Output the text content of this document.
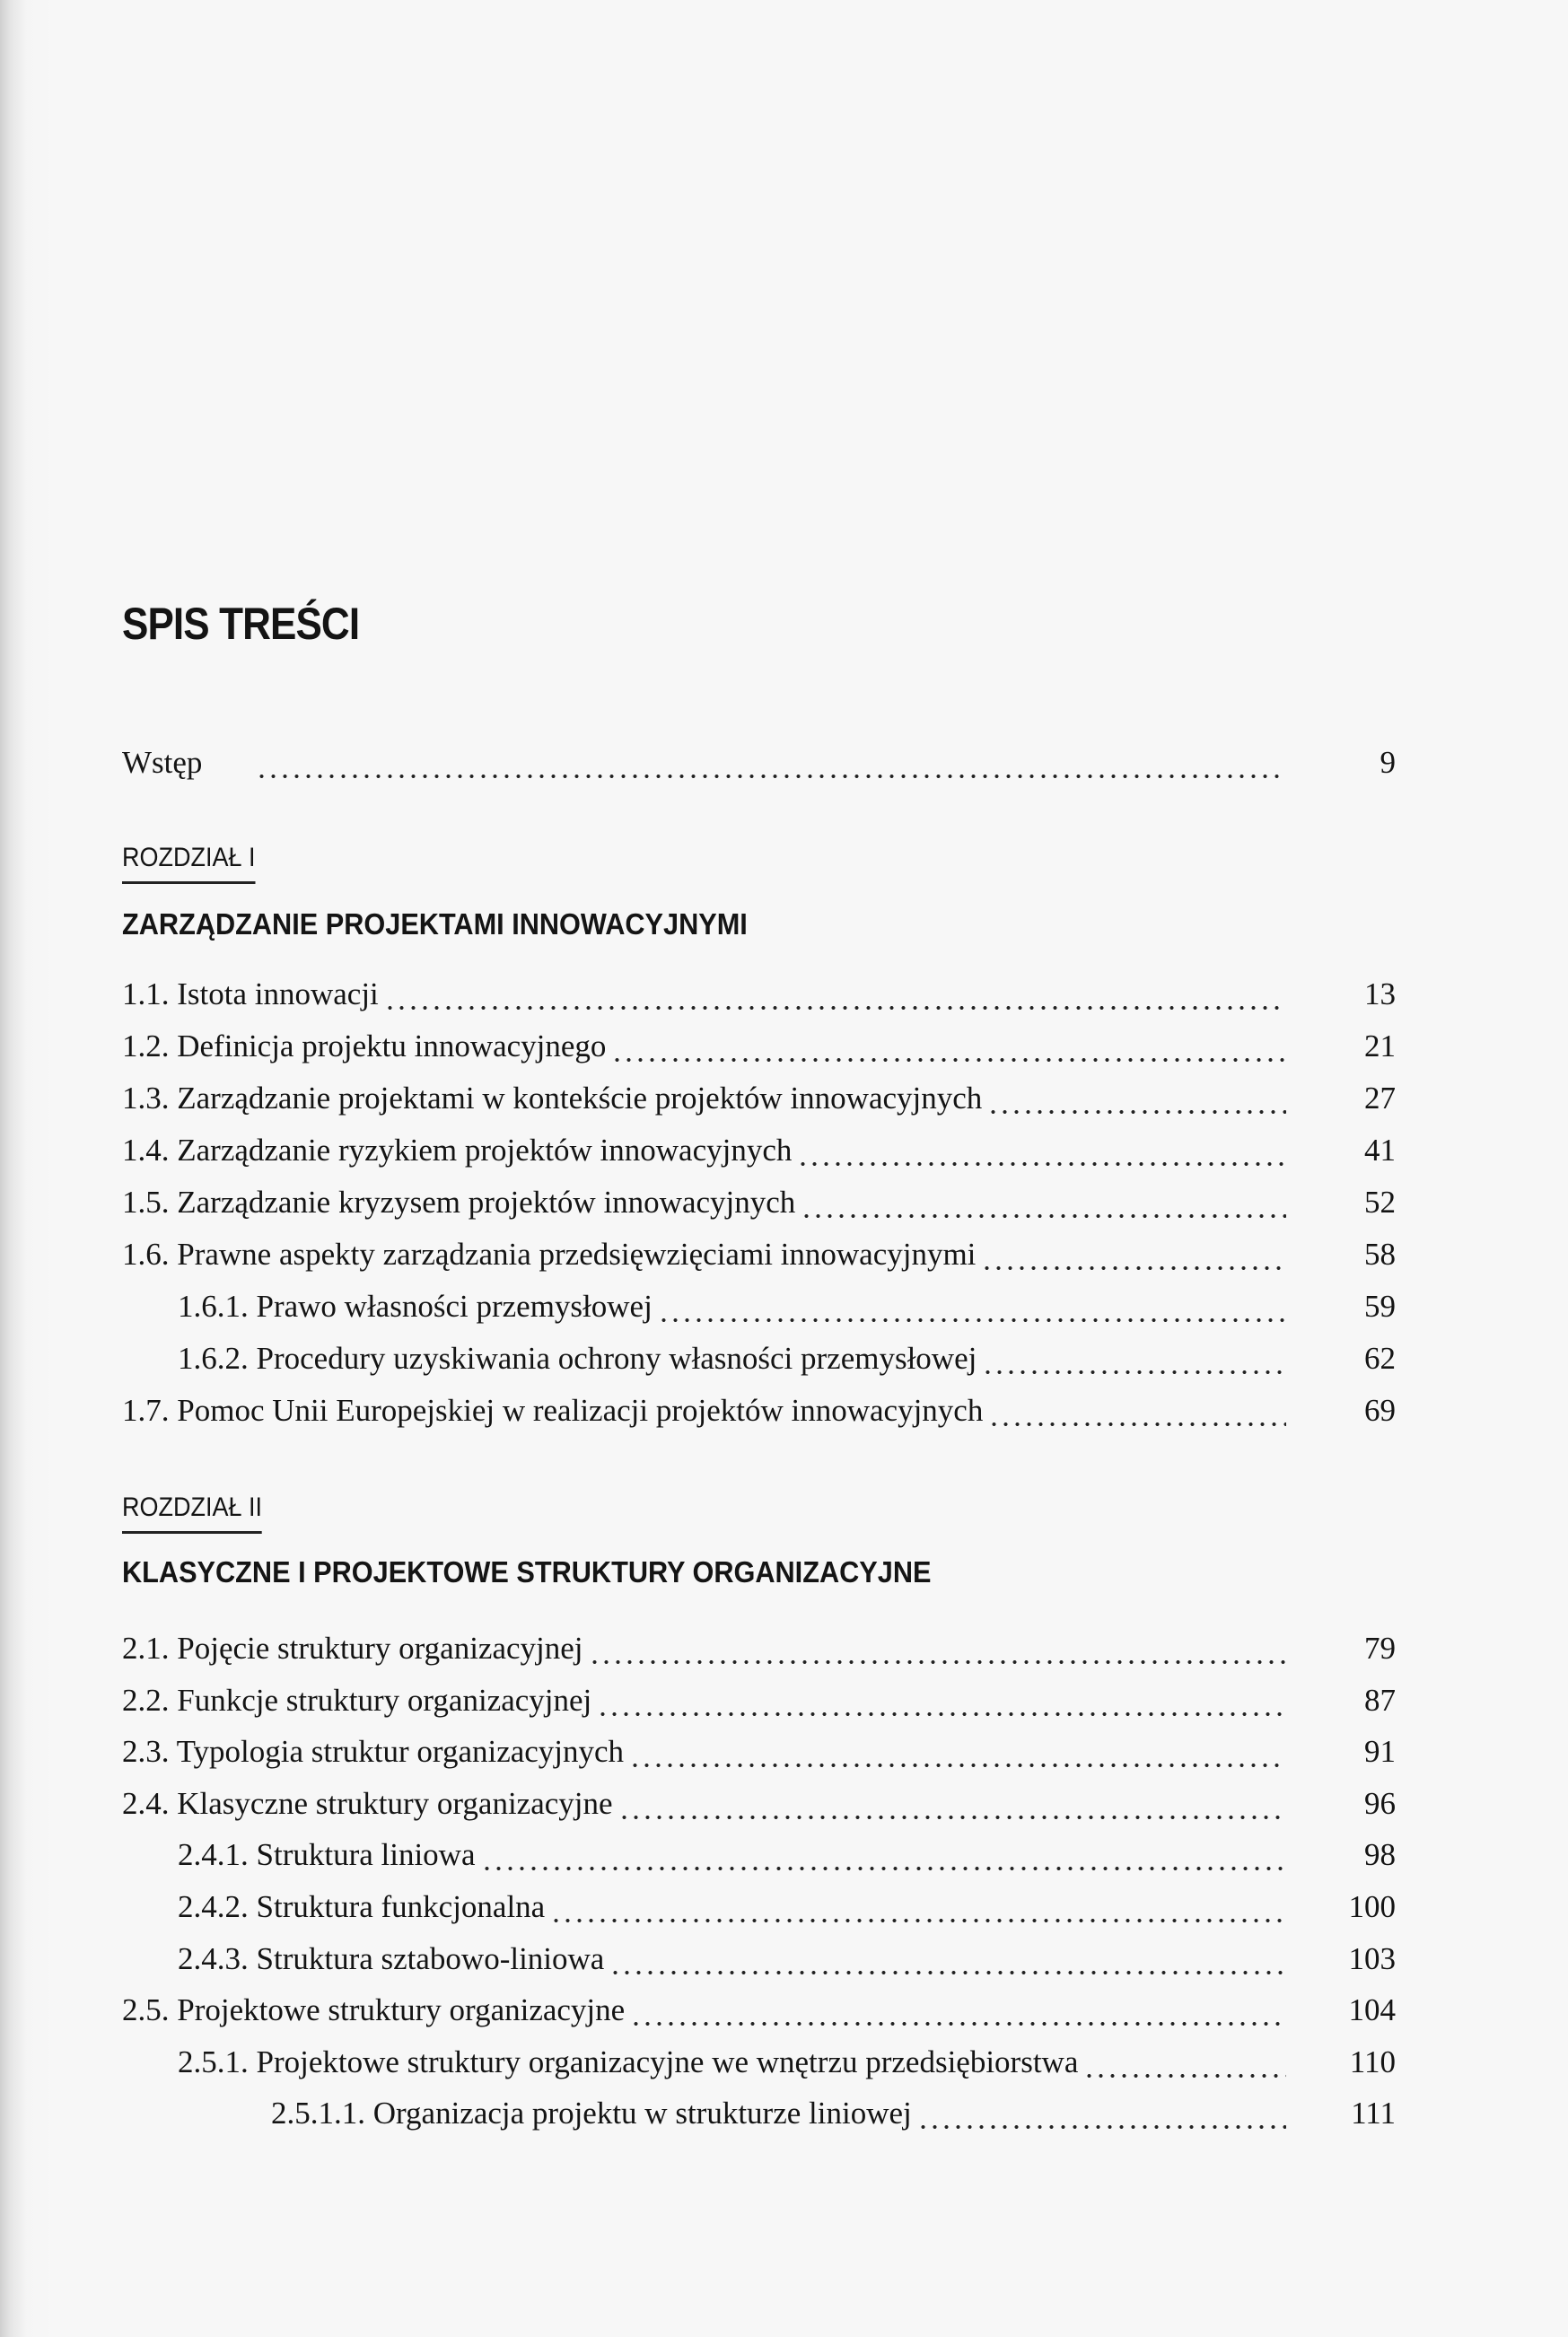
SPIS TREŚCI
Wstęp	9
ROZDZIAŁ I
ZARZĄDZANIE PROJEKTAMI INNOWACYJNYMI
1.1. Istota innowacji	13
1.2. Definicja projektu innowacyjnego	21
1.3. Zarządzanie projektami w kontekście projektów innowacyjnych	27
1.4. Zarządzanie ryzykiem projektów innowacyjnych	41
1.5. Zarządzanie kryzysem projektów innowacyjnych	52
1.6. Prawne aspekty zarządzania przedsięwzięciami innowacyjnymi	58
1.6.1. Prawo własności przemysłowej	59
1.6.2. Procedury uzyskiwania ochrony własności przemysłowej	62
1.7. Pomoc Unii Europejskiej w realizacji projektów innowacyjnych	69
ROZDZIAŁ II
KLASYCZNE I PROJEKTOWE STRUKTURY ORGANIZACYJNE
2.1. Pojęcie struktury organizacyjnej	79
2.2. Funkcje struktury organizacyjnej	87
2.3. Typologia struktur organizacyjnych	91
2.4. Klasyczne struktury organizacyjne	96
2.4.1. Struktura liniowa	98
2.4.2. Struktura funkcjonalna	100
2.4.3. Struktura sztabowo-liniowa	103
2.5. Projektowe struktury organizacyjne	104
2.5.1. Projektowe struktury organizacyjne we wnętrzu przedsiębiorstwa	110
2.5.1.1. Organizacja projektu w strukturze liniowej	111
